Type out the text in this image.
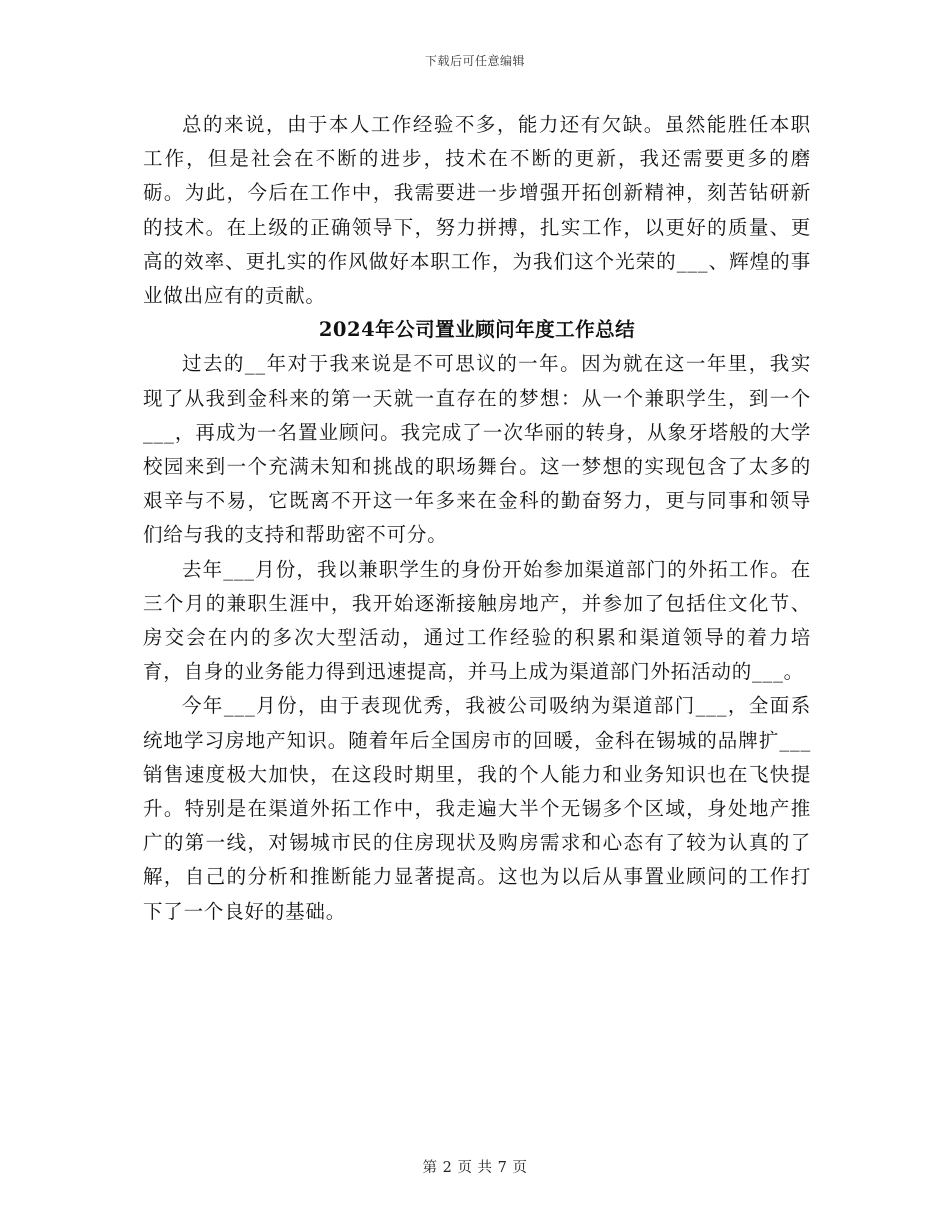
下载后可任意编辑

总的来说，由于本人工作经验不多，能力还有欠缺。虽然能胜任本职工作，但是社会在不断的进步，技术在不断的更新，我还需要更多的磨砺。为此，今后在工作中，我需要进一步增强开拓创新精神，刻苦钻研新的技术。在上级的正确领导下，努力拼搏，扎实工作，以更好的质量、更高的效率、更扎实的作风做好本职工作，为我们这个光荣的___、辉煌的事业做出应有的贡献。

2024年公司置业顾问年度工作总结

过去的__年对于我来说是不可思议的一年。因为就在这一年里，我实现了从我到金科来的第一天就一直存在的梦想：从一个兼职学生，到一个___，再成为一名置业顾问。我完成了一次华丽的转身，从象牙塔般的大学校园来到一个充满未知和挑战的职场舞台。这一梦想的实现包含了太多的艰辛与不易，它既离不开这一年多来在金科的勤奋努力，更与同事和领导们给与我的支持和帮助密不可分。

去年___月份，我以兼职学生的身份开始参加渠道部门的外拓工作。在三个月的兼职生涯中，我开始逐渐接触房地产，并参加了包括住文化节、房交会在内的多次大型活动，通过工作经验的积累和渠道领导的着力培育，自身的业务能力得到迅速提高，并马上成为渠道部门外拓活动的___。

今年___月份，由于表现优秀，我被公司吸纳为渠道部门___，全面系统地学习房地产知识。随着年后全国房市的回暖，金科在锡城的品牌扩___销售速度极大加快，在这段时期里，我的个人能力和业务知识也在飞快提升。特别是在渠道外拓工作中，我走遍大半个无锡多个区域，身处地产推广的第一线，对锡城市民的住房现状及购房需求和心态有了较为认真的了解，自己的分析和推断能力显著提高。这也为以后从事置业顾问的工作打下了一个良好的基础。

第 2 页 共 7 页
